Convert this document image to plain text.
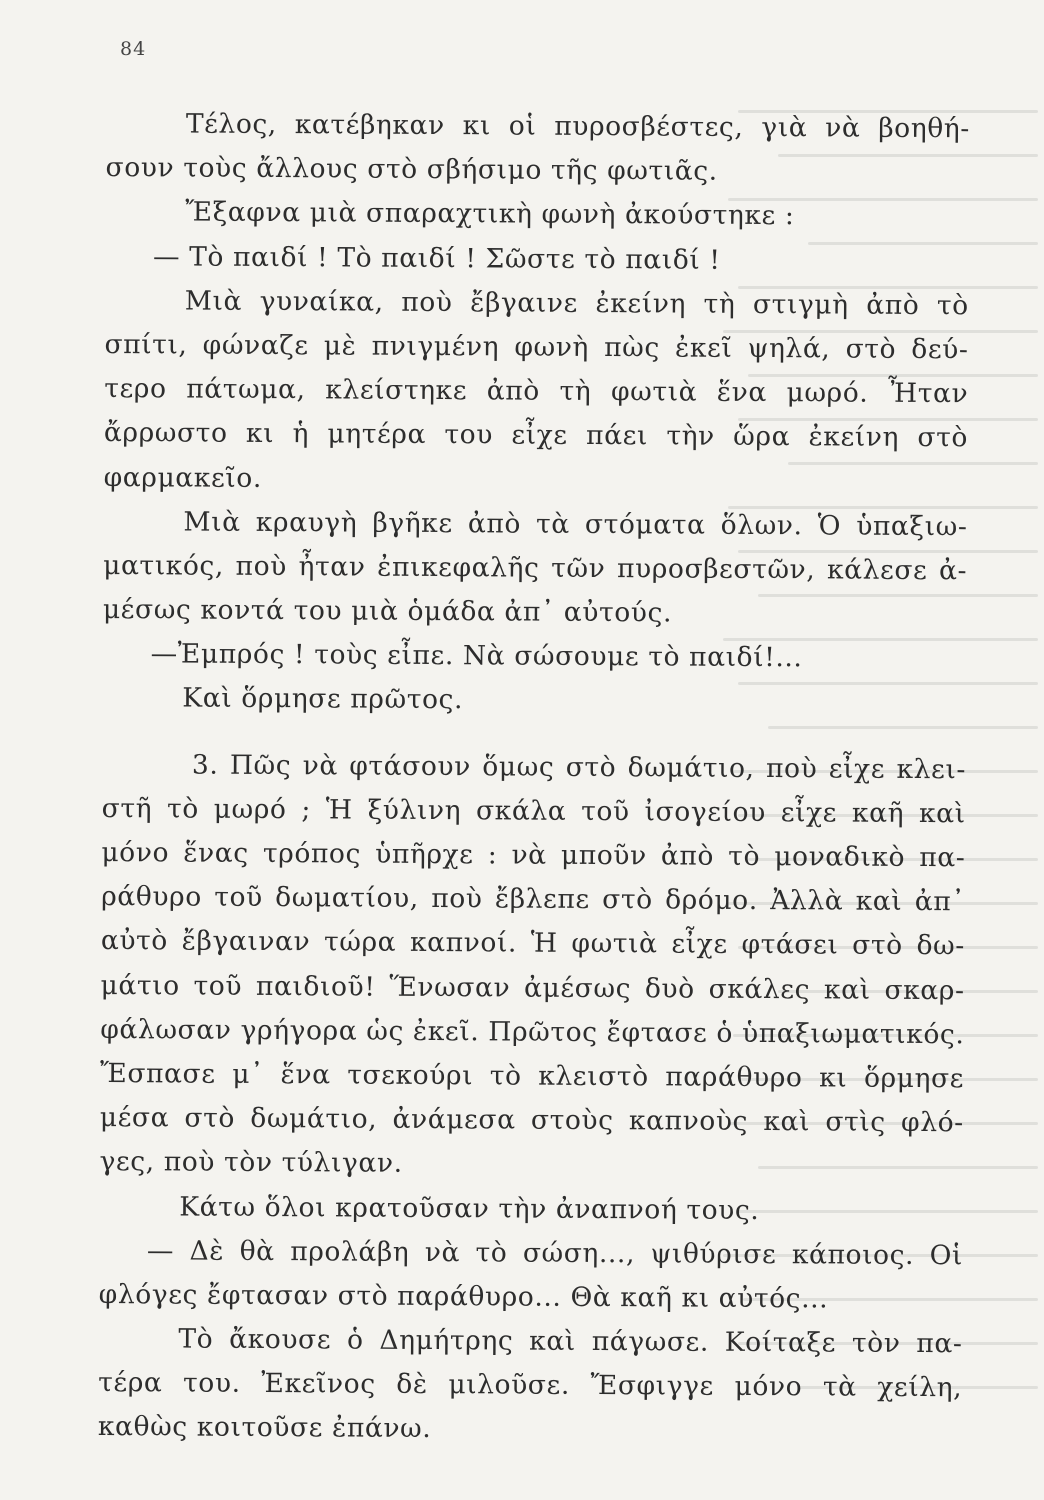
84
Τέλος, κατέβηκαν κι οἱ πυροσβέστες, γιὰ νὰ βοηθή-
σουν τοὺς ἄλλους στὸ σβήσιμο τῆς φωτιᾶς.
Ἔξαφνα μιὰ σπαραχτικὴ φωνὴ ἀκούστηκε :
— Τὸ παιδί ! Τὸ παιδί ! Σῶστε τὸ παιδί !
Μιὰ γυναίκα, ποὺ ἔβγαινε ἐκείνη τὴ στιγμὴ ἀπὸ τὸ
σπίτι, φώναζε μὲ πνιγμένη φωνὴ πὼς ἐκεῖ ψηλά, στὸ δεύ-
τερο πάτωμα, κλείστηκε ἀπὸ τὴ φωτιὰ ἕνα μωρό. Ἦταν
ἄρρωστο κι ἡ μητέρα του εἶχε πάει τὴν ὥρα ἐκείνη στὸ
φαρμακεῖο.
Μιὰ κραυγὴ βγῆκε ἀπὸ τὰ στόματα ὅλων. Ὁ ὑπαξιω-
ματικός, ποὺ ἦταν ἐπικεφαλῆς τῶν πυροσβεστῶν, κάλεσε ἀ-
μέσως κοντά του μιὰ ὁμάδα ἀπ᾽ αὐτούς.
—Ἐμπρός ! τοὺς εἶπε. Νὰ σώσουμε τὸ παιδί!...
Καὶ ὅρμησε πρῶτος.
3. Πῶς νὰ φτάσουν ὅμως στὸ δωμάτιο, ποὺ εἶχε κλει-
στῆ τὸ μωρό ; Ἡ ξύλινη σκάλα τοῦ ἰσογείου εἶχε καῆ καὶ
μόνο ἕνας τρόπος ὑπῆρχε : νὰ μποῦν ἀπὸ τὸ μοναδικὸ πα-
ράθυρο τοῦ δωματίου, ποὺ ἔβλεπε στὸ δρόμο. Ἀλλὰ καὶ ἀπ᾽
αὐτὸ ἔβγαιναν τώρα καπνοί. Ἡ φωτιὰ εἶχε φτάσει στὸ δω-
μάτιο τοῦ παιδιοῦ! Ἕνωσαν ἀμέσως δυὸ σκάλες καὶ σκαρ-
φάλωσαν γρήγορα ὡς ἐκεῖ. Πρῶτος ἔφτασε ὁ ὑπαξιωματικός.
Ἔσπασε μ᾽ ἕνα τσεκούρι τὸ κλειστὸ παράθυρο κι ὅρμησε
μέσα στὸ δωμάτιο, ἀνάμεσα στοὺς καπνοὺς καὶ στὶς φλό-
γες, ποὺ τὸν τύλιγαν.
Κάτω ὅλοι κρατοῦσαν τὴν ἀναπνοή τους.
— Δὲ θὰ προλάβη νὰ τὸ σώση..., ψιθύρισε κάποιος. Οἱ
φλόγες ἔφτασαν στὸ παράθυρο... Θὰ καῆ κι αὐτός...
Τὸ ἄκουσε ὁ Δημήτρης καὶ πάγωσε. Κοίταξε τὸν πα-
τέρα του. Ἐκεῖνος δὲ μιλοῦσε. Ἔσφιγγε μόνο τὰ χείλη,
καθὼς κοιτοῦσε ἐπάνω.
